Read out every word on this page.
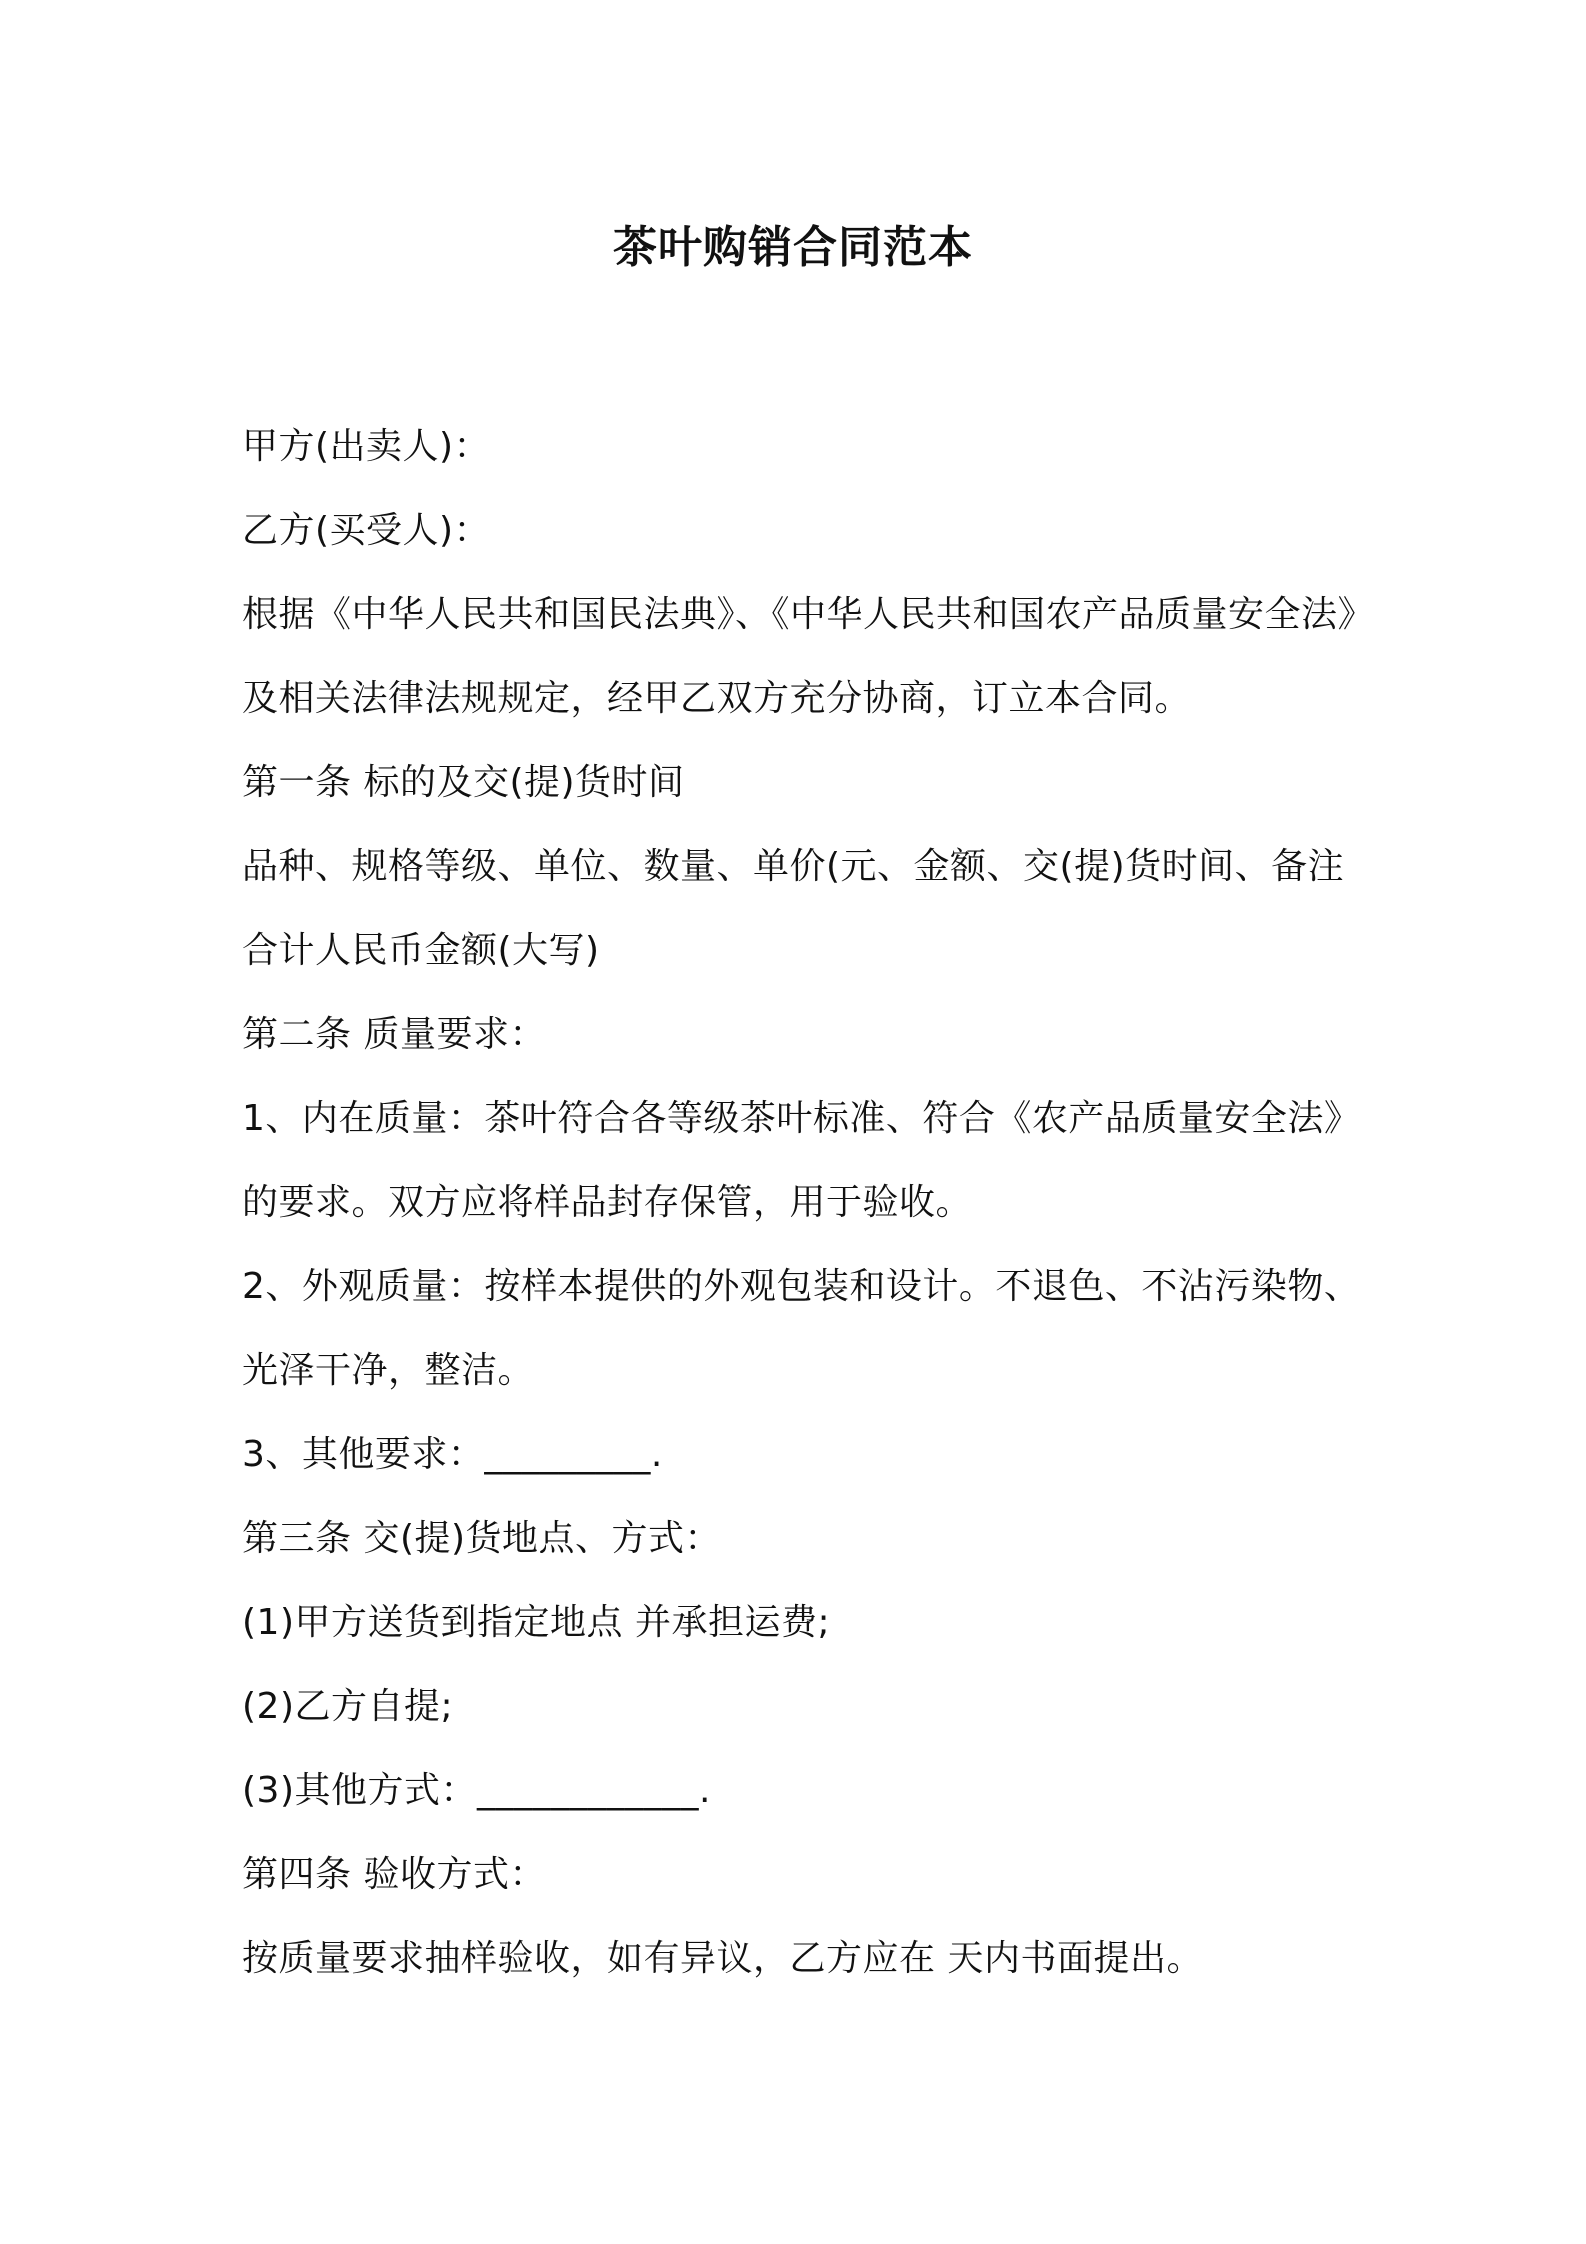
茶叶购销合同范本
甲方(出卖人)：
乙方(买受人)：
根据《中华人民共和国民法典》、《中华人民共和国农产品质量安全法》
及相关法律法规规定，经甲乙双方充分协商，订立本合同。
第一条 标的及交(提)货时间
品种、规格等级、单位、数量、单价(元、金额、交(提)货时间、备注
合计人民币金额(大写)
第二条 质量要求：
1、内在质量：茶叶符合各等级茶叶标准、符合《农产品质量安全法》
的要求。双方应将样品封存保管，用于验收。
2、外观质量：按样本提供的外观包装和设计。不退色、不沾污染物、
光泽干净，整洁。
3、其他要求：_________.
第三条 交(提)货地点、方式：
(1)甲方送货到指定地点 并承担运费;
(2)乙方自提;
(3)其他方式：____________.
第四条 验收方式：
按质量要求抽样验收，如有异议，乙方应在 天内书面提出。
